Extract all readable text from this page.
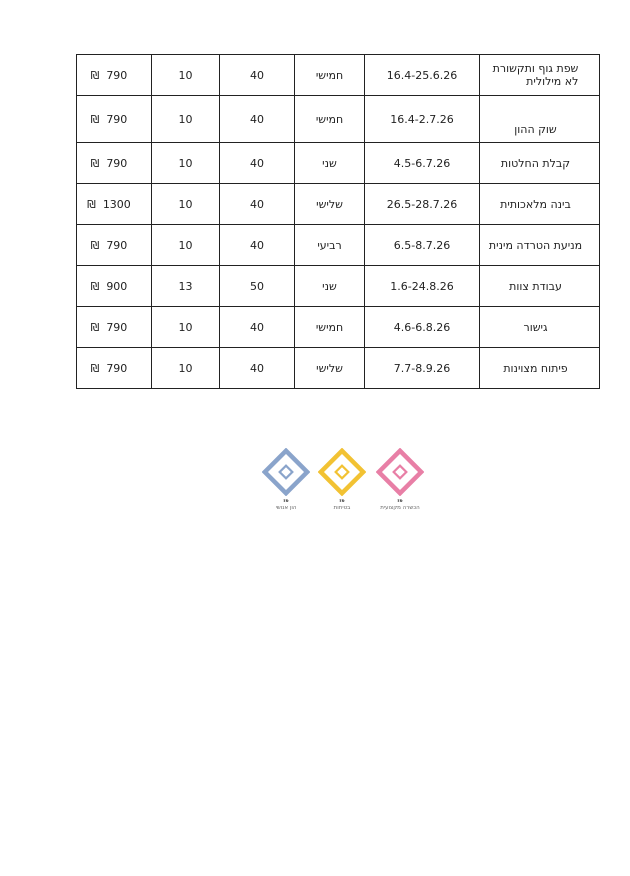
₪ 790	10	40	חמישי	16.4-25.6.26	שפת גוף ותקשורת
לא מילולית
₪ 790	10	40	חמישי	16.4-2.7.26	שוק ההון
₪ 790	10	40	שני	4.5-6.7.26	קבלת החלטות
₪ 1300	10	40	שלישי	26.5-28.7.26	בינה מלאכותית
₪ 790	10	40	רביעי	6.5-8.7.26	מניעת הטרדה מינית
₪ 900	13	50	שני	1.6-24.8.26	עבודת צוות
₪ 790	10	40	חמישי	4.6-6.8.26	גישור
₪ 790	10	40	שלישי	7.7-8.9.26	פיתוח מצוינות
פז
הכשרה מקצועית
פז
בטיחות
פז
הון אנושי
